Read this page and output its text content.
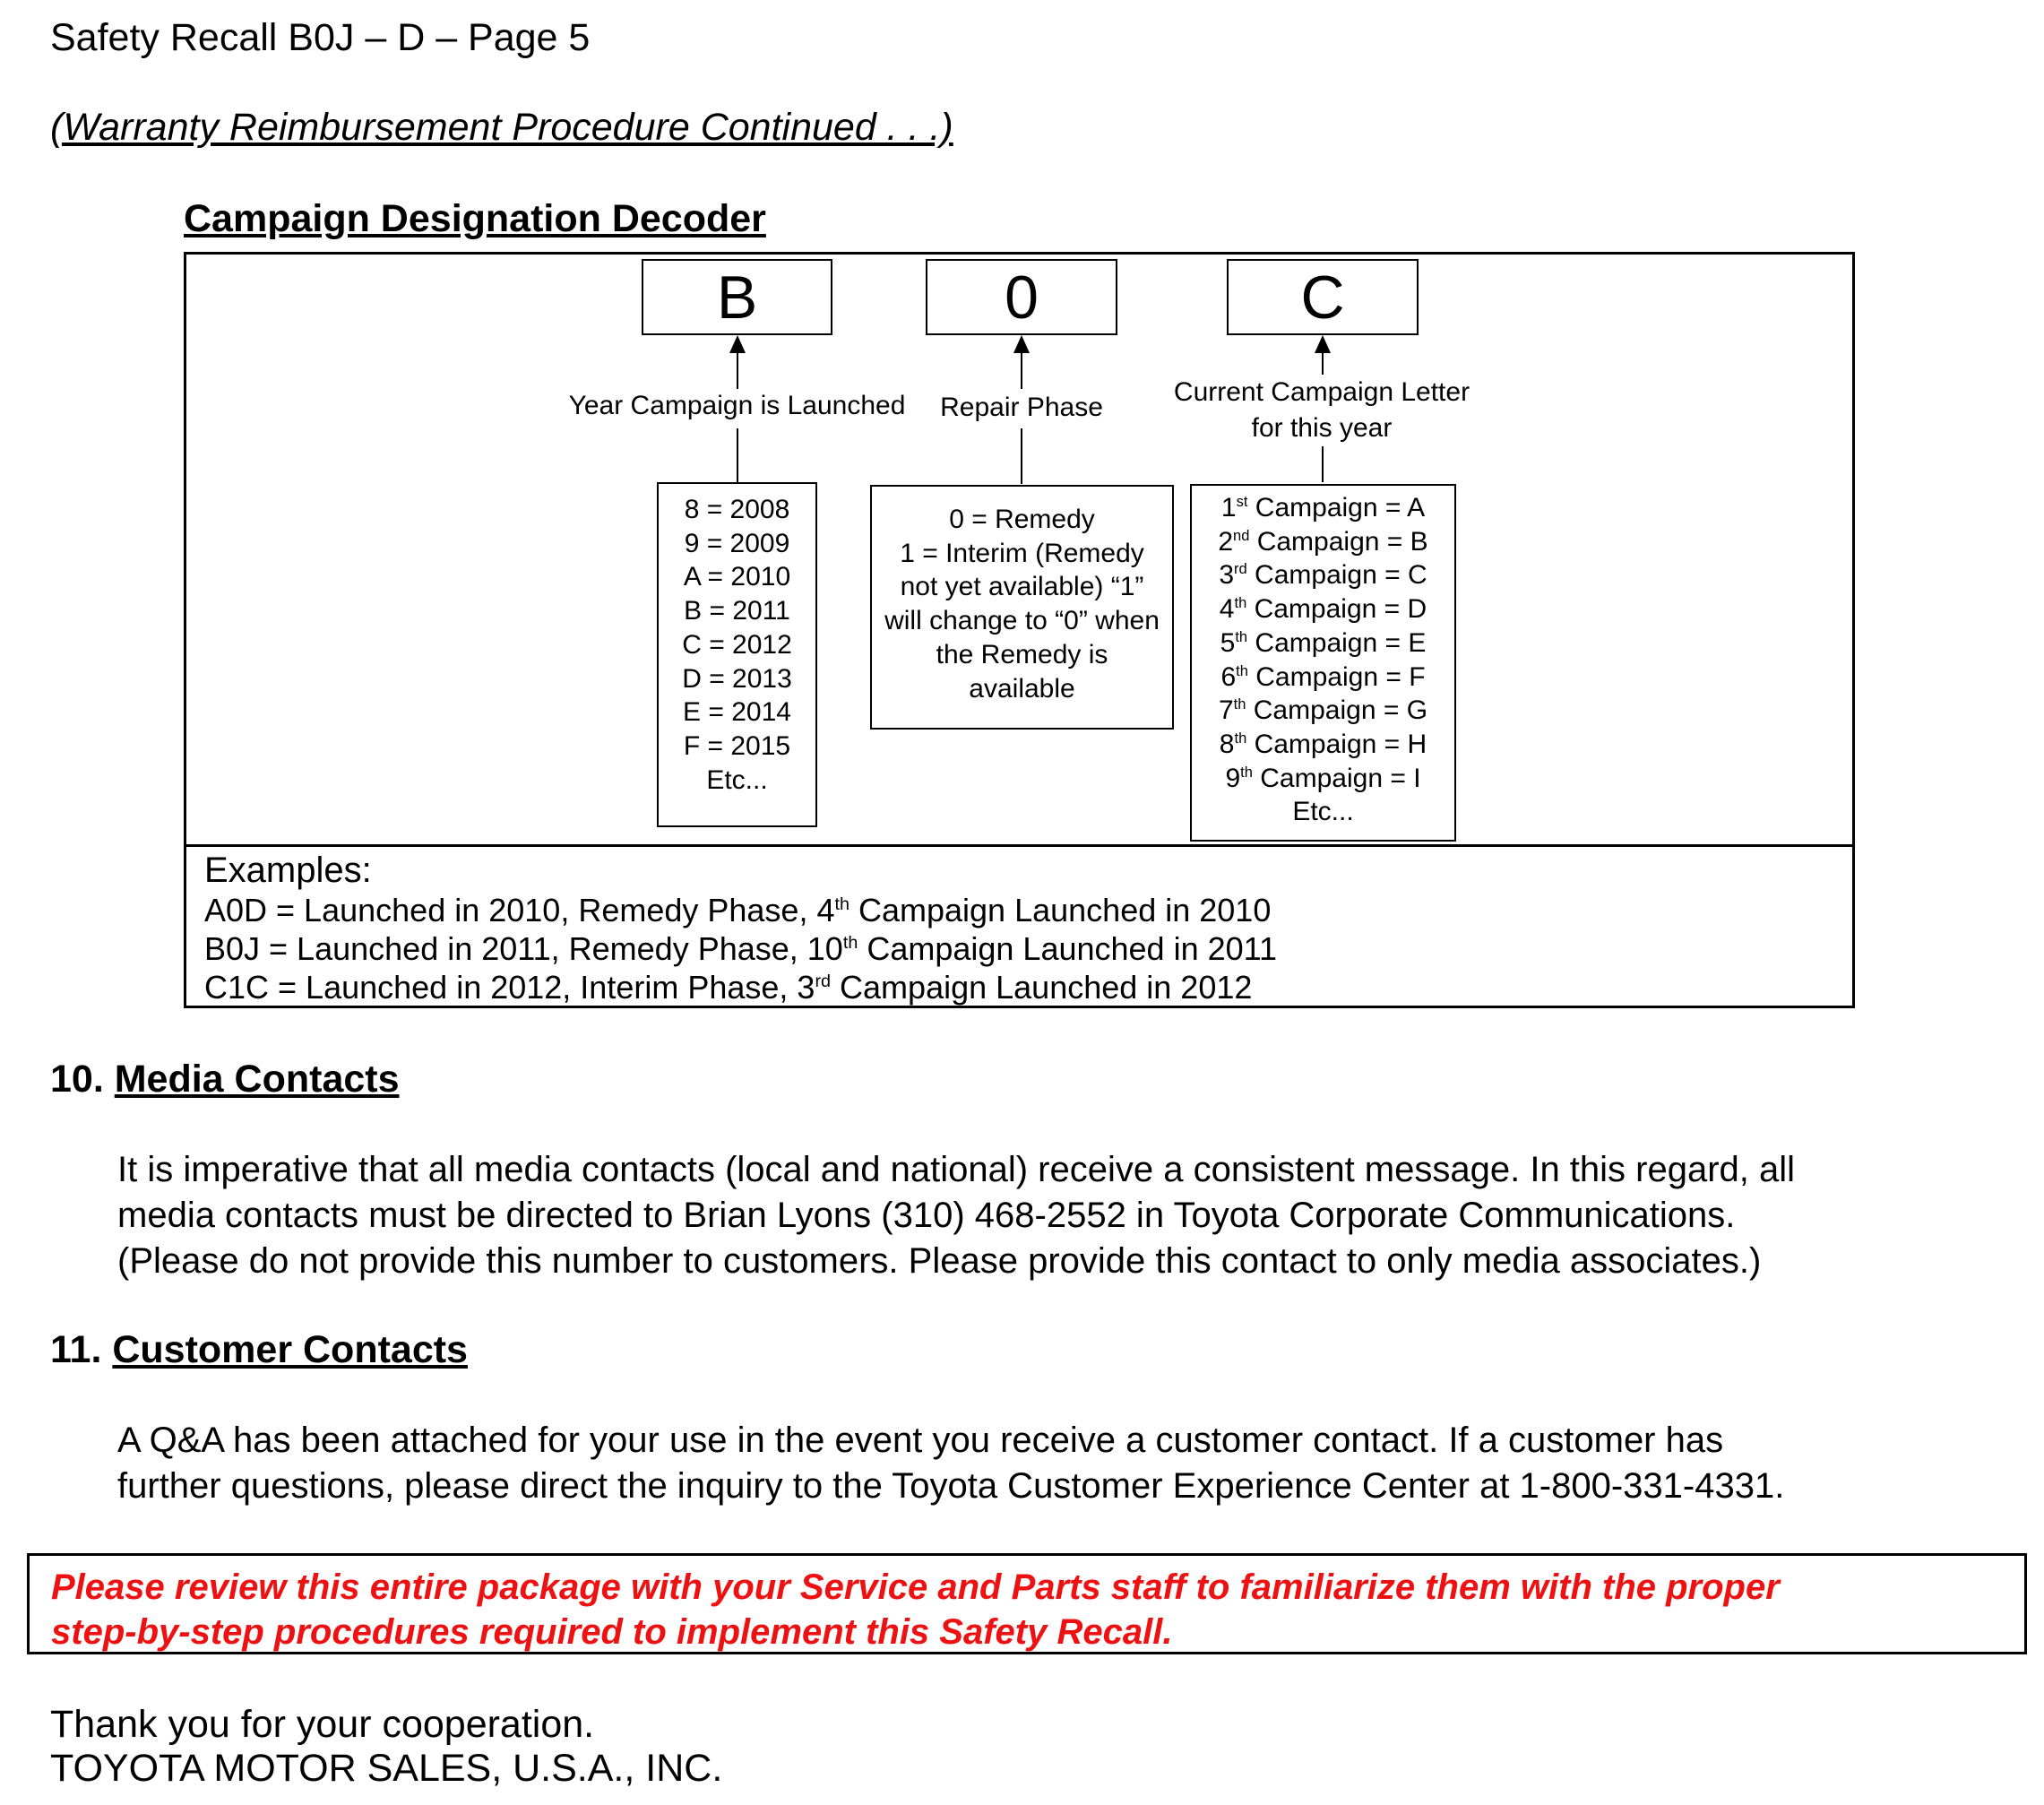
Safety Recall B0J – D – Page 5
(Warranty Reimbursement Procedure Continued . . .)
Campaign Designation Decoder
B	0	C
Year Campaign is Launched	Repair Phase
Current Campaign Letter
for this year
8 = 2008
9 = 2009
A = 2010
B = 2011
C = 2012
D = 2013
E = 2014
F = 2015
Etc...
0 = Remedy
1 = Interim (Remedy
not yet available) “1”
will change to “0” when
the Remedy is
available
1st Campaign = A
2nd Campaign = B
3rd Campaign = C
4th Campaign = D
5th Campaign = E
6th Campaign = F
7th Campaign = G
8th Campaign = H
9th Campaign = I
Etc...
Examples:
A0D = Launched in 2010, Remedy Phase, 4th Campaign Launched in 2010
B0J = Launched in 2011, Remedy Phase, 10th Campaign Launched in 2011
C1C = Launched in 2012, Interim Phase, 3rd Campaign Launched in 2012
10. Media Contacts
It is imperative that all media contacts (local and national) receive a consistent message. In this regard, all
media contacts must be directed to Brian Lyons (310) 468-2552 in Toyota Corporate Communications.
(Please do not provide this number to customers. Please provide this contact to only media associates.)
11. Customer Contacts
A Q&A has been attached for your use in the event you receive a customer contact. If a customer has
further questions, please direct the inquiry to the Toyota Customer Experience Center at 1-800-331-4331.
Please review this entire package with your Service and Parts staff to familiarize them with the proper
step-by-step procedures required to implement this Safety Recall.
Thank you for your cooperation.
TOYOTA MOTOR SALES, U.S.A., INC.
